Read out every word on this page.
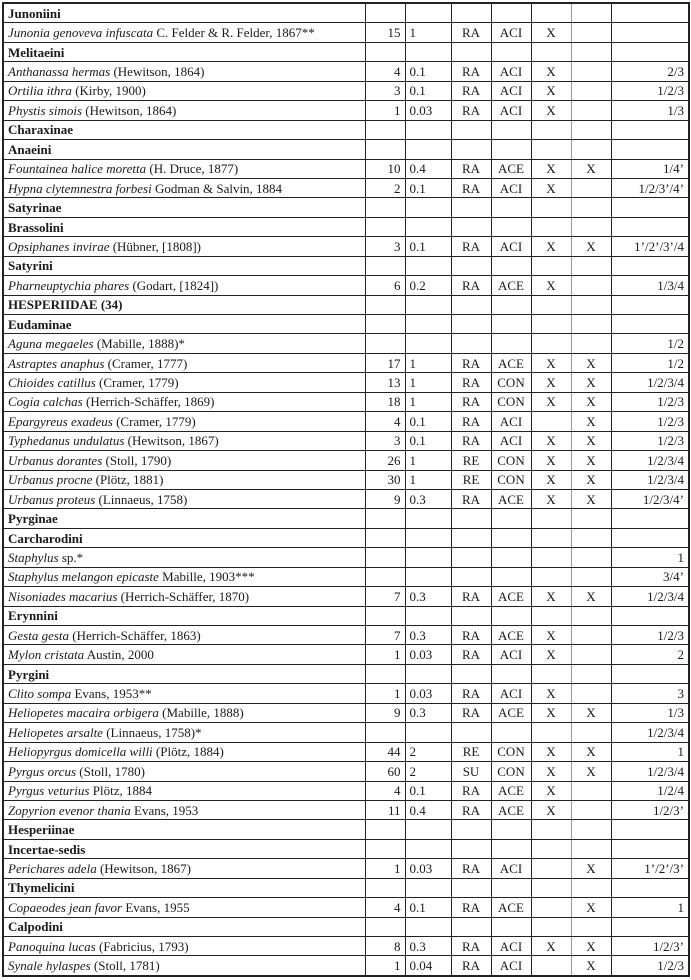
Junoniini							
Junonia genoveva infuscata C. Felder & R. Felder, 1867**	15	1	RA	ACI	X		
Melitaeini							
Anthanassa hermas (Hewitson, 1864)	4	0.1	RA	ACI	X		2/3
Ortilia ithra (Kirby, 1900)	3	0.1	RA	ACI	X		1/2/3
Phystis simois (Hewitson, 1864)	1	0.03	RA	ACI	X		1/3
Charaxinae							
Anaeini							
Fountainea halice moretta (H. Druce, 1877)	10	0.4	RA	ACE	X	X	1/4’
Hypna clytemnestra forbesi Godman & Salvin, 1884	2	0.1	RA	ACI	X		1/2/3’/4’
Satyrinae							
Brassolini							
Opsiphanes invirae (Hübner, [1808])	3	0.1	RA	ACI	X	X	1’/2’/3’/4
Satyrini							
Pharneuptychia phares (Godart, [1824])	6	0.2	RA	ACE	X		1/3/4
HESPERIIDAE (34)							
Eudaminae							
Aguna megaeles (Mabille, 1888)*							1/2
Astraptes anaphus (Cramer, 1777)	17	1	RA	ACE	X	X	1/2
Chioides catillus (Cramer, 1779)	13	1	RA	CON	X	X	1/2/3/4
Cogia calchas (Herrich-Schäffer, 1869)	18	1	RA	CON	X	X	1/2/3
Epargyreus exadeus (Cramer, 1779)	4	0.1	RA	ACI		X	1/2/3
Typhedanus undulatus (Hewitson, 1867)	3	0.1	RA	ACI	X	X	1/2/3
Urbanus dorantes (Stoll, 1790)	26	1	RE	CON	X	X	1/2/3/4
Urbanus procne (Plötz, 1881)	30	1	RE	CON	X	X	1/2/3/4
Urbanus proteus (Linnaeus, 1758)	9	0.3	RA	ACE	X	X	1/2/3/4’
Pyrginae							
Carcharodini							
Staphylus sp.*							1
Staphylus melangon epicaste Mabille, 1903***							3/4’
Nisoniades macarius (Herrich-Schäffer, 1870)	7	0.3	RA	ACE	X	X	1/2/3/4
Erynnini							
Gesta gesta (Herrich-Schäffer, 1863)	7	0.3	RA	ACE	X		1/2/3
Mylon cristata Austin, 2000	1	0.03	RA	ACI	X		2
Pyrgini							
Clito sompa Evans, 1953**	1	0.03	RA	ACI	X		3
Heliopetes macaira orbigera (Mabille, 1888)	9	0.3	RA	ACE	X	X	1/3
Heliopetes arsalte (Linnaeus, 1758)*							1/2/3/4
Heliopyrgus domicella willi (Plötz, 1884)	44	2	RE	CON	X	X	1
Pyrgus orcus (Stoll, 1780)	60	2	SU	CON	X	X	1/2/3/4
Pyrgus veturius Plötz, 1884	4	0.1	RA	ACE	X		1/2/4
Zopyrion evenor thania Evans, 1953	11	0.4	RA	ACE	X		1/2/3’
Hesperiinae							
Incertae-sedis							
Perichares adela (Hewitson, 1867)	1	0.03	RA	ACI		X	1’/2’/3’
Thymelicini							
Copaeodes jean favor Evans, 1955	4	0.1	RA	ACE		X	1
Calpodini							
Panoquina lucas (Fabricius, 1793)	8	0.3	RA	ACI	X	X	1/2/3’
Synale hylaspes (Stoll, 1781)	1	0.04	RA	ACI		X	1/2/3
